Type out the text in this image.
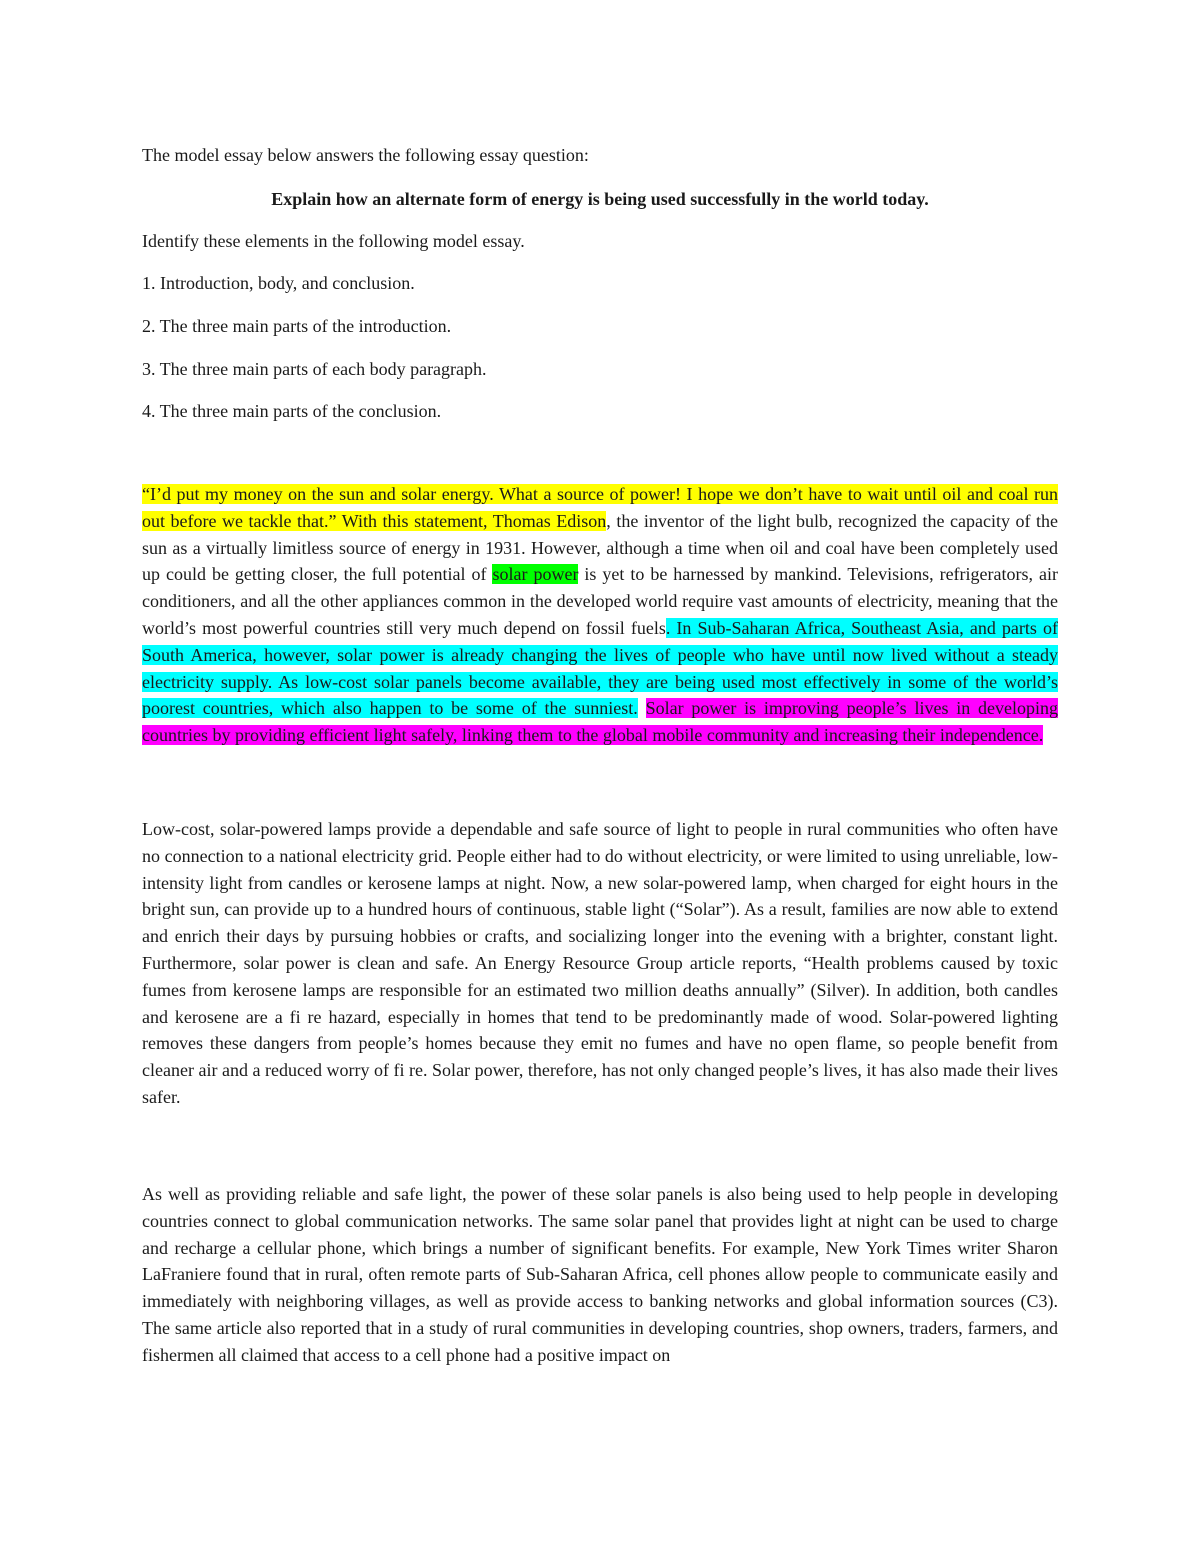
The model essay below answers the following essay question:
Explain how an alternate form of energy is being used successfully in the world today.
Identify these elements in the following model essay.
1. Introduction, body, and conclusion.
2. The three main parts of the introduction.
3. The three main parts of each body paragraph.
4. The three main parts of the conclusion.

“I’d put my money on the sun and solar energy. What a source of power! I hope we don’t have to wait until oil and coal run out before we tackle that.” With this statement, Thomas Edison, the inventor of the light bulb, recognized the capacity of the sun as a virtually limitless source of energy in 1931. However, although a time when oil and coal have been completely used up could be getting closer, the full potential of solar power is yet to be harnessed by mankind. Televisions, refrigerators, air conditioners, and all the other appliances common in the developed world require vast amounts of electricity, meaning that the world’s most powerful countries still very much depend on fossil fuels. In Sub-Saharan Africa, Southeast Asia, and parts of South America, however, solar power is already changing the lives of people who have until now lived without a steady electricity supply. As low-cost solar panels become available, they are being used most effectively in some of the world’s poorest countries, which also happen to be some of the sunniest. Solar power is improving people’s lives in developing countries by providing efficient light safely, linking them to the global mobile community and increasing their independence.

Low-cost, solar-powered lamps provide a dependable and safe source of light to people in rural communities who often have no connection to a national electricity grid. People either had to do without electricity, or were limited to using unreliable, low-intensity light from candles or kerosene lamps at night. Now, a new solar-powered lamp, when charged for eight hours in the bright sun, can provide up to a hundred hours of continuous, stable light (“Solar”). As a result, families are now able to extend and enrich their days by pursuing hobbies or crafts, and socializing longer into the evening with a brighter, constant light. Furthermore, solar power is clean and safe. An Energy Resource Group article reports, “Health problems caused by toxic fumes from kerosene lamps are responsible for an estimated two million deaths annually” (Silver). In addition, both candles and kerosene are a fi re hazard, especially in homes that tend to be predominantly made of wood. Solar-powered lighting removes these dangers from people’s homes because they emit no fumes and have no open flame, so people benefit from cleaner air and a reduced worry of fi re. Solar power, therefore, has not only changed people’s lives, it has also made their lives safer.

As well as providing reliable and safe light, the power of these solar panels is also being used to help people in developing countries connect to global communication networks. The same solar panel that provides light at night can be used to charge and recharge a cellular phone, which brings a number of significant benefits. For example, New York Times writer Sharon LaFraniere found that in rural, often remote parts of Sub-Saharan Africa, cell phones allow people to communicate easily and immediately with neighboring villages, as well as provide access to banking networks and global information sources (C3). The same article also reported that in a study of rural communities in developing countries, shop owners, traders, farmers, and fishermen all claimed that access to a cell phone had a positive impact on
